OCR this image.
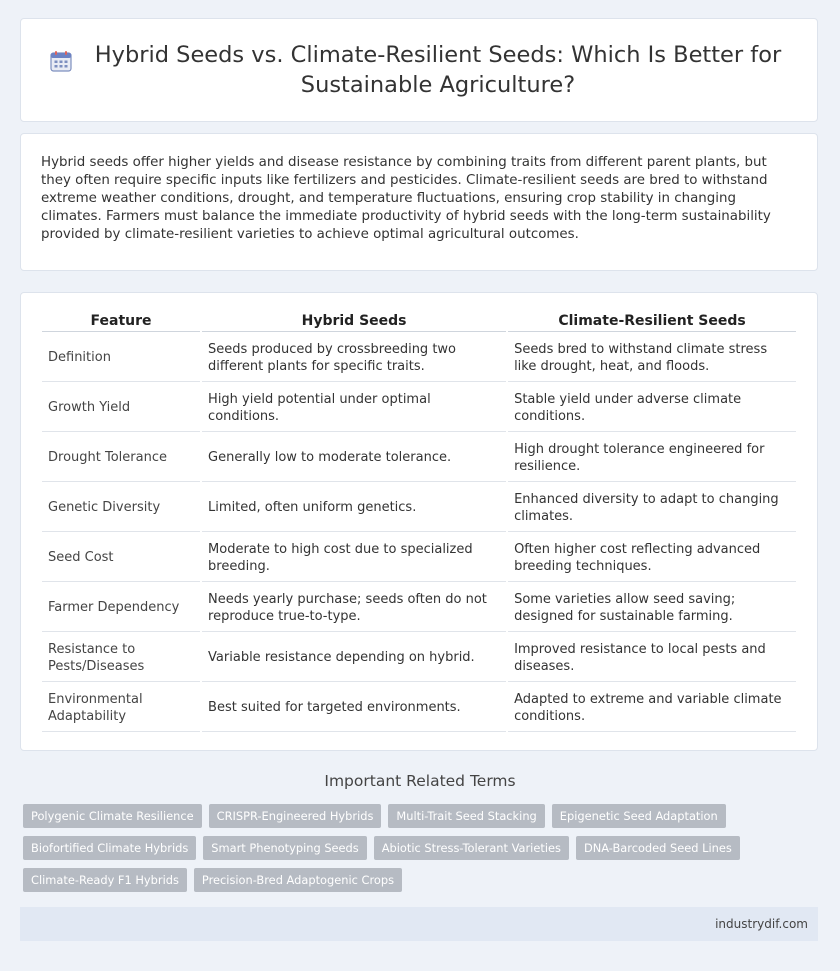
Hybrid Seeds vs. Climate-Resilient Seeds: Which Is Better for Sustainable Agriculture?

Hybrid seeds offer higher yields and disease resistance by combining traits from different parent plants, but they often require specific inputs like fertilizers and pesticides. Climate-resilient seeds are bred to withstand extreme weather conditions, drought, and temperature fluctuations, ensuring crop stability in changing climates. Farmers must balance the immediate productivity of hybrid seeds with the long-term sustainability provided by climate-resilient varieties to achieve optimal agricultural outcomes.

Feature	Hybrid Seeds	Climate-Resilient Seeds
Definition	Seeds produced by crossbreeding two different plants for specific traits.	Seeds bred to withstand climate stress like drought, heat, and floods.
Growth Yield	High yield potential under optimal conditions.	Stable yield under adverse climate conditions.
Drought Tolerance	Generally low to moderate tolerance.	High drought tolerance engineered for resilience.
Genetic Diversity	Limited, often uniform genetics.	Enhanced diversity to adapt to changing climates.
Seed Cost	Moderate to high cost due to specialized breeding.	Often higher cost reflecting advanced breeding techniques.
Farmer Dependency	Needs yearly purchase; seeds often do not reproduce true-to-type.	Some varieties allow seed saving; designed for sustainable farming.
Resistance to Pests/Diseases	Variable resistance depending on hybrid.	Improved resistance to local pests and diseases.
Environmental Adaptability	Best suited for targeted environments.	Adapted to extreme and variable climate conditions.
Important Related Terms
Polygenic Climate Resilience	CRISPR-Engineered Hybrids	Multi-Trait Seed Stacking	Epigenetic Seed Adaptation
Biofortified Climate Hybrids	Smart Phenotyping Seeds	Abiotic Stress-Tolerant Varieties	DNA-Barcoded Seed Lines
Climate-Ready F1 Hybrids	Precision-Bred Adaptogenic Crops
industrydif.com
